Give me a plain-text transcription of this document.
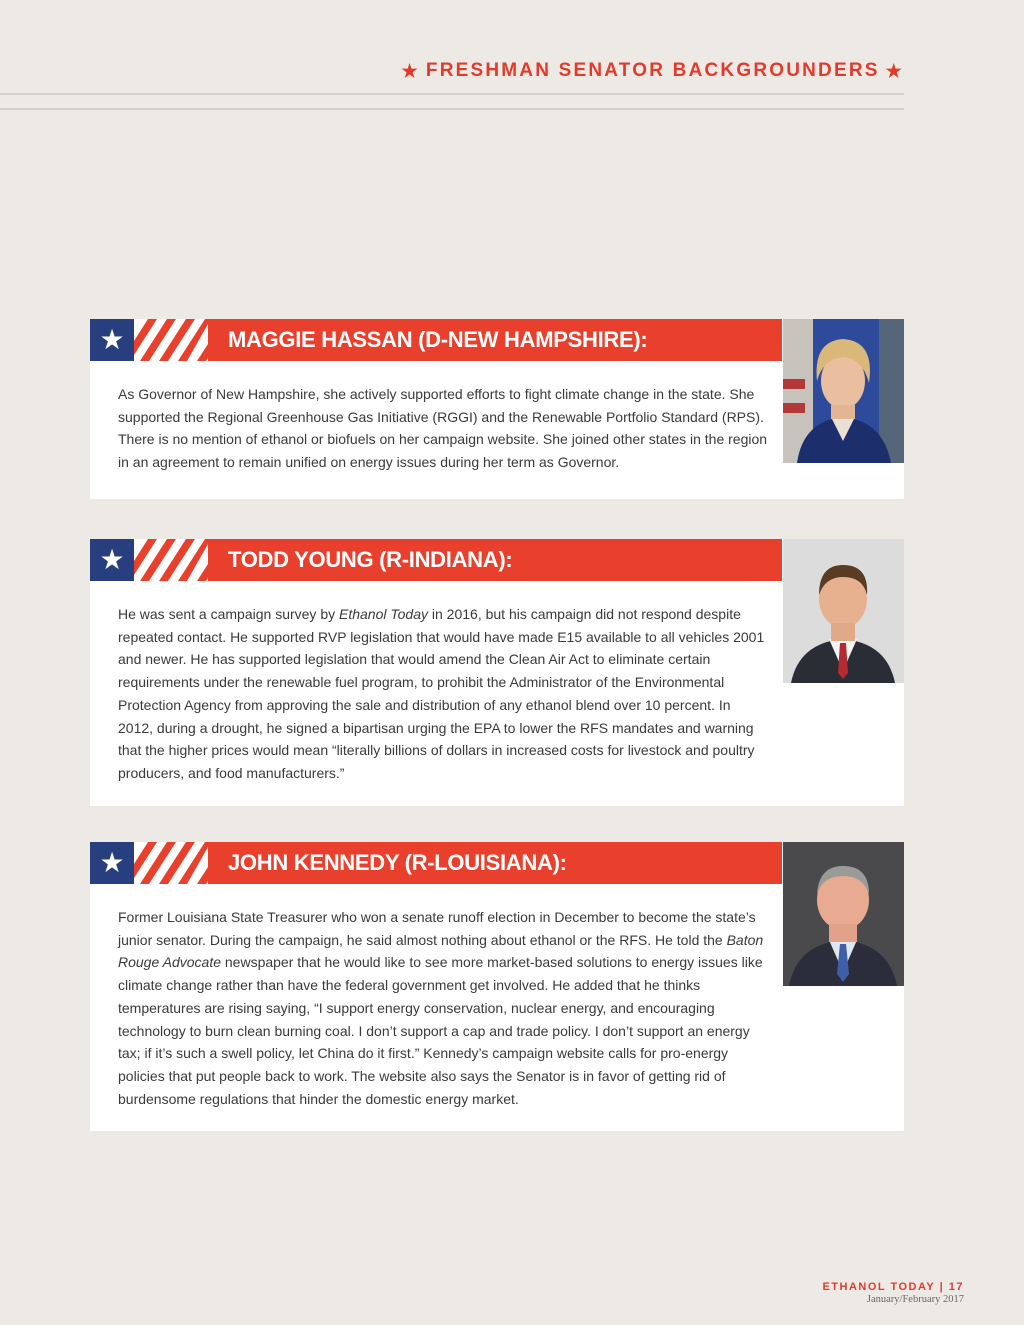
★ FRESHMAN SENATOR BACKGROUNDERS ★
★	MAGGIE HASSAN (D-NEW HAMPSHIRE):
As Governor of New Hampshire, she actively supported efforts to fight climate change in the state. She supported the Regional Greenhouse Gas Initiative (RGGI) and the Renewable Portfolio Standard (RPS). There is no mention of ethanol or biofuels on her campaign website. She joined other states in the region in an agreement to remain unified on energy issues during her term as Governor.
★	TODD YOUNG (R-INDIANA):
He was sent a campaign survey by Ethanol Today in 2016, but his campaign did not respond despite repeated contact. He supported RVP legislation that would have made E15 available to all vehicles 2001 and newer. He has supported legislation that would amend the Clean Air Act to eliminate certain requirements under the renewable fuel program, to prohibit the Administrator of the Environmental Protection Agency from approving the sale and distribution of any ethanol blend over 10 percent. In 2012, during a drought, he signed a bipartisan urging the EPA to lower the RFS mandates and warning that the higher prices would mean “literally billions of dollars in increased costs for livestock and poultry producers, and food manufacturers.”
★	JOHN KENNEDY (R-LOUISIANA):
Former Louisiana State Treasurer who won a senate runoff election in December to become the state’s junior senator. During the campaign, he said almost nothing about ethanol or the RFS. He told the Baton Rouge Advocate newspaper that he would like to see more market-based solutions to energy issues like climate change rather than have the federal government get involved. He added that he thinks temperatures are rising saying, “I support energy conservation, nuclear energy, and encouraging technology to burn clean burning coal. I don’t support a cap and trade policy. I don’t support an energy tax; if it’s such a swell policy, let China do it first.” Kennedy’s campaign website calls for pro-energy policies that put people back to work. The website also says the Senator is in favor of getting rid of burdensome regulations that hinder the domestic energy market.
ETHANOL TODAY | 17
January/February 2017
